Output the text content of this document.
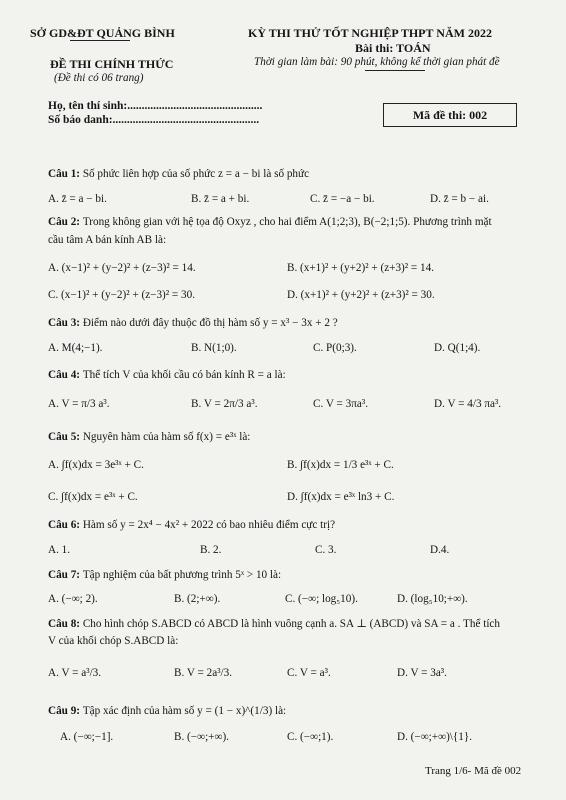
SỞ GD&ĐT QUẢNG BÌNH
ĐỀ THI CHÍNH THỨC
(Đề thi có 06 trang)
KỲ THI THỬ TỐT NGHIỆP THPT NĂM 2022
Bài thi: TOÁN
Thời gian làm bài: 90 phút, không kể thời gian phát đề
Họ, tên thí sinh:...............................................
Số báo danh:...................................................	Mã đề thi: 002
Câu 1: Số phức liên hợp của số phức z = a − bi là số phức
A. z̄ = a − bi.	B. z̄ = a + bi.	C. z̄ = −a − bi.	D. z̄ = b − ai.
Câu 2: Trong không gian với hệ tọa độ Oxyz , cho hai điểm A(1;2;3), B(−2;1;5). Phương trình mặt
cầu tâm A bán kính AB là:
A. (x−1)² + (y−2)² + (z−3)² = 14.	B. (x+1)² + (y+2)² + (z+3)² = 14.
C. (x−1)² + (y−2)² + (z−3)² = 30.	D. (x+1)² + (y+2)² + (z+3)² = 30.
Câu 3: Điểm nào dưới đây thuộc đồ thị hàm số y = x³ − 3x + 2 ?
A. M(4;−1).	B. N(1;0).	C. P(0;3).	D. Q(1;4).
Câu 4: Thể tích V của khối cầu có bán kính R = a là:
A. V = π/3 a³.	B. V = 2π/3 a³.	C. V = 3πa³.	D. V = 4/3 πa³.
Câu 5: Nguyên hàm của hàm số f(x) = e³ˣ là:
A. ∫f(x)dx = 3e³ˣ + C.	B. ∫f(x)dx = 1/3 e³ˣ + C.
C. ∫f(x)dx = e³ˣ + C.	D. ∫f(x)dx = e³ˣ ln3 + C.
Câu 6: Hàm số y = 2x⁴ − 4x² + 2022 có bao nhiêu điểm cực trị?
A. 1.	B. 2.	C. 3.	D.4.
Câu 7: Tập nghiệm của bất phương trình 5ˣ > 10 là:
A. (−∞; 2).	B. (2;+∞).	C. (−∞; log₅10).	D. (log₅10;+∞).
Câu 8: Cho hình chóp S.ABCD có ABCD là hình vuông cạnh a. SA ⊥ (ABCD) và SA = a . Thể tích
V của khối chóp S.ABCD là:
A. V = a³/3.	B. V = 2a³/3.	C. V = a³.	D. V = 3a³.
Câu 9: Tập xác định của hàm số y = (1 − x)^(1/3) là:
A. (−∞;−1].	B. (−∞;+∞).	C. (−∞;1).	D. (−∞;+∞)\{1}.
Trang 1/6- Mã đề 002
